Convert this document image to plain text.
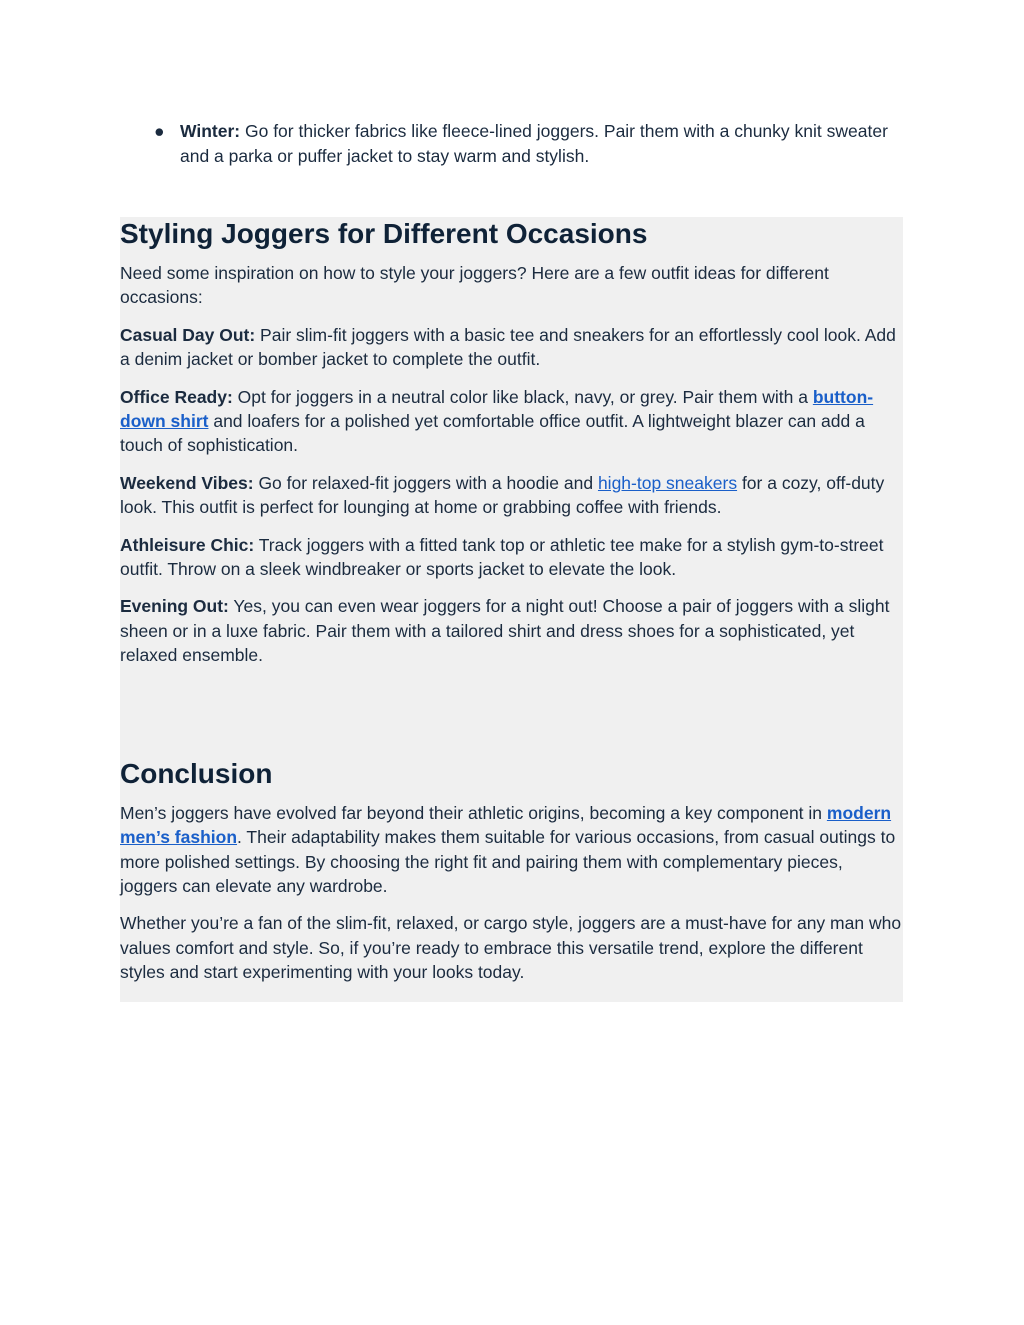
● Winter: Go for thicker fabrics like fleece-lined joggers. Pair them with a chunky knit sweater and a parka or puffer jacket to stay warm and stylish.
Styling Joggers for Different Occasions

Need some inspiration on how to style your joggers? Here are a few outfit ideas for different occasions:

Casual Day Out: Pair slim-fit joggers with a basic tee and sneakers for an effortlessly cool look. Add a denim jacket or bomber jacket to complete the outfit.

Office Ready: Opt for joggers in a neutral color like black, navy, or grey. Pair them with a button-down shirt and loafers for a polished yet comfortable office outfit. A lightweight blazer can add a touch of sophistication.

Weekend Vibes: Go for relaxed-fit joggers with a hoodie and high-top sneakers for a cozy, off-duty look. This outfit is perfect for lounging at home or grabbing coffee with friends.

Athleisure Chic: Track joggers with a fitted tank top or athletic tee make for a stylish gym-to-street outfit. Throw on a sleek windbreaker or sports jacket to elevate the look.

Evening Out: Yes, you can even wear joggers for a night out! Choose a pair of joggers with a slight sheen or in a luxe fabric. Pair them with a tailored shirt and dress shoes for a sophisticated, yet relaxed ensemble.

Conclusion

Men’s joggers have evolved far beyond their athletic origins, becoming a key component in modern men’s fashion. Their adaptability makes them suitable for various occasions, from casual outings to more polished settings. By choosing the right fit and pairing them with complementary pieces, joggers can elevate any wardrobe.

Whether you’re a fan of the slim-fit, relaxed, or cargo style, joggers are a must-have for any man who values comfort and style. So, if you’re ready to embrace this versatile trend, explore the different styles and start experimenting with your looks today.
